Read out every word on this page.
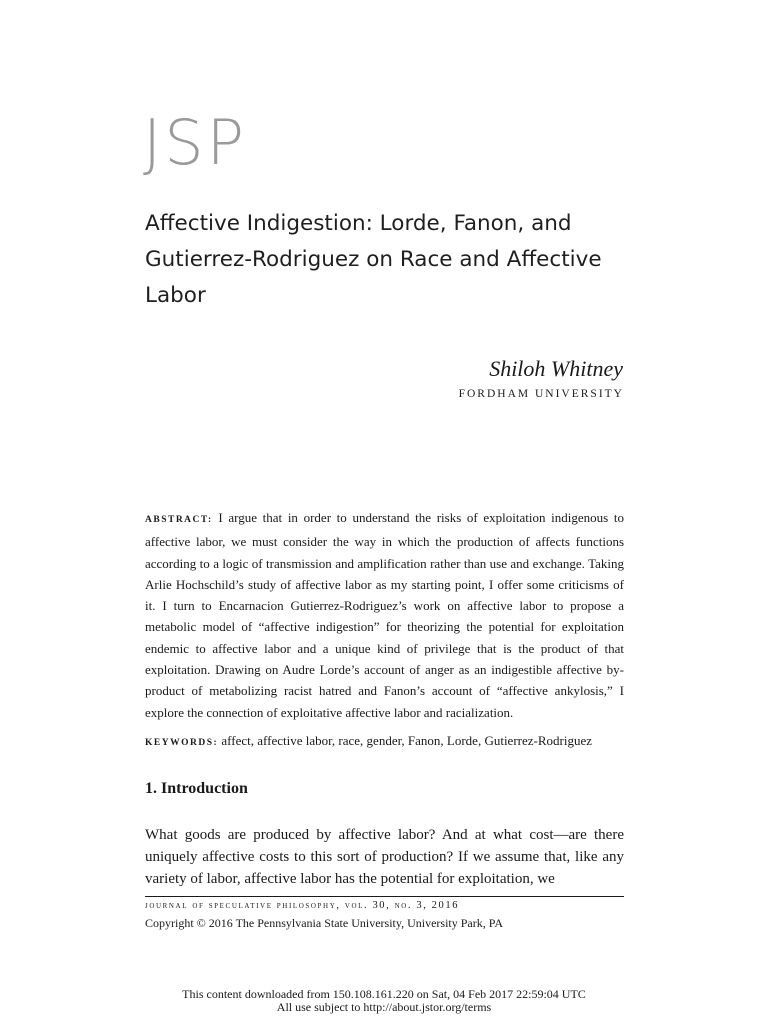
JSP
Affective Indigestion: Lorde, Fanon, and Gutierrez-Rodriguez on Race and Affective Labor
Shiloh Whitney
FORDHAM UNIVERSITY

ABSTRACT: I argue that in order to understand the risks of exploitation indigenous to affective labor, we must consider the way in which the production of affects functions according to a logic of transmission and amplification rather than use and exchange. Taking Arlie Hochschild’s study of affective labor as my starting point, I offer some criticisms of it. I turn to Encarnacion Gutierrez-Rodriguez’s work on affective labor to propose a metabolic model of “affective indigestion” for theorizing the potential for exploitation endemic to affective labor and a unique kind of privilege that is the product of that exploitation. Drawing on Audre Lorde’s account of anger as an indigestible affective by-product of metabolizing racist hatred and Fanon’s account of “affective ankylosis,” I explore the connection of exploitative affective labor and racialization.

KEYWORDS: affect, affective labor, race, gender, Fanon, Lorde, Gutierrez-Rodriguez

1. Introduction

What goods are produced by affective labor? And at what cost—are there uniquely affective costs to this sort of production? If we assume that, like any variety of labor, affective labor has the potential for exploitation, we

journal of speculative philosophy, vol. 30, no. 3, 2016
Copyright © 2016 The Pennsylvania State University, University Park, PA
This content downloaded from 150.108.161.220 on Sat, 04 Feb 2017 22:59:04 UTC
All use subject to http://about.jstor.org/terms
